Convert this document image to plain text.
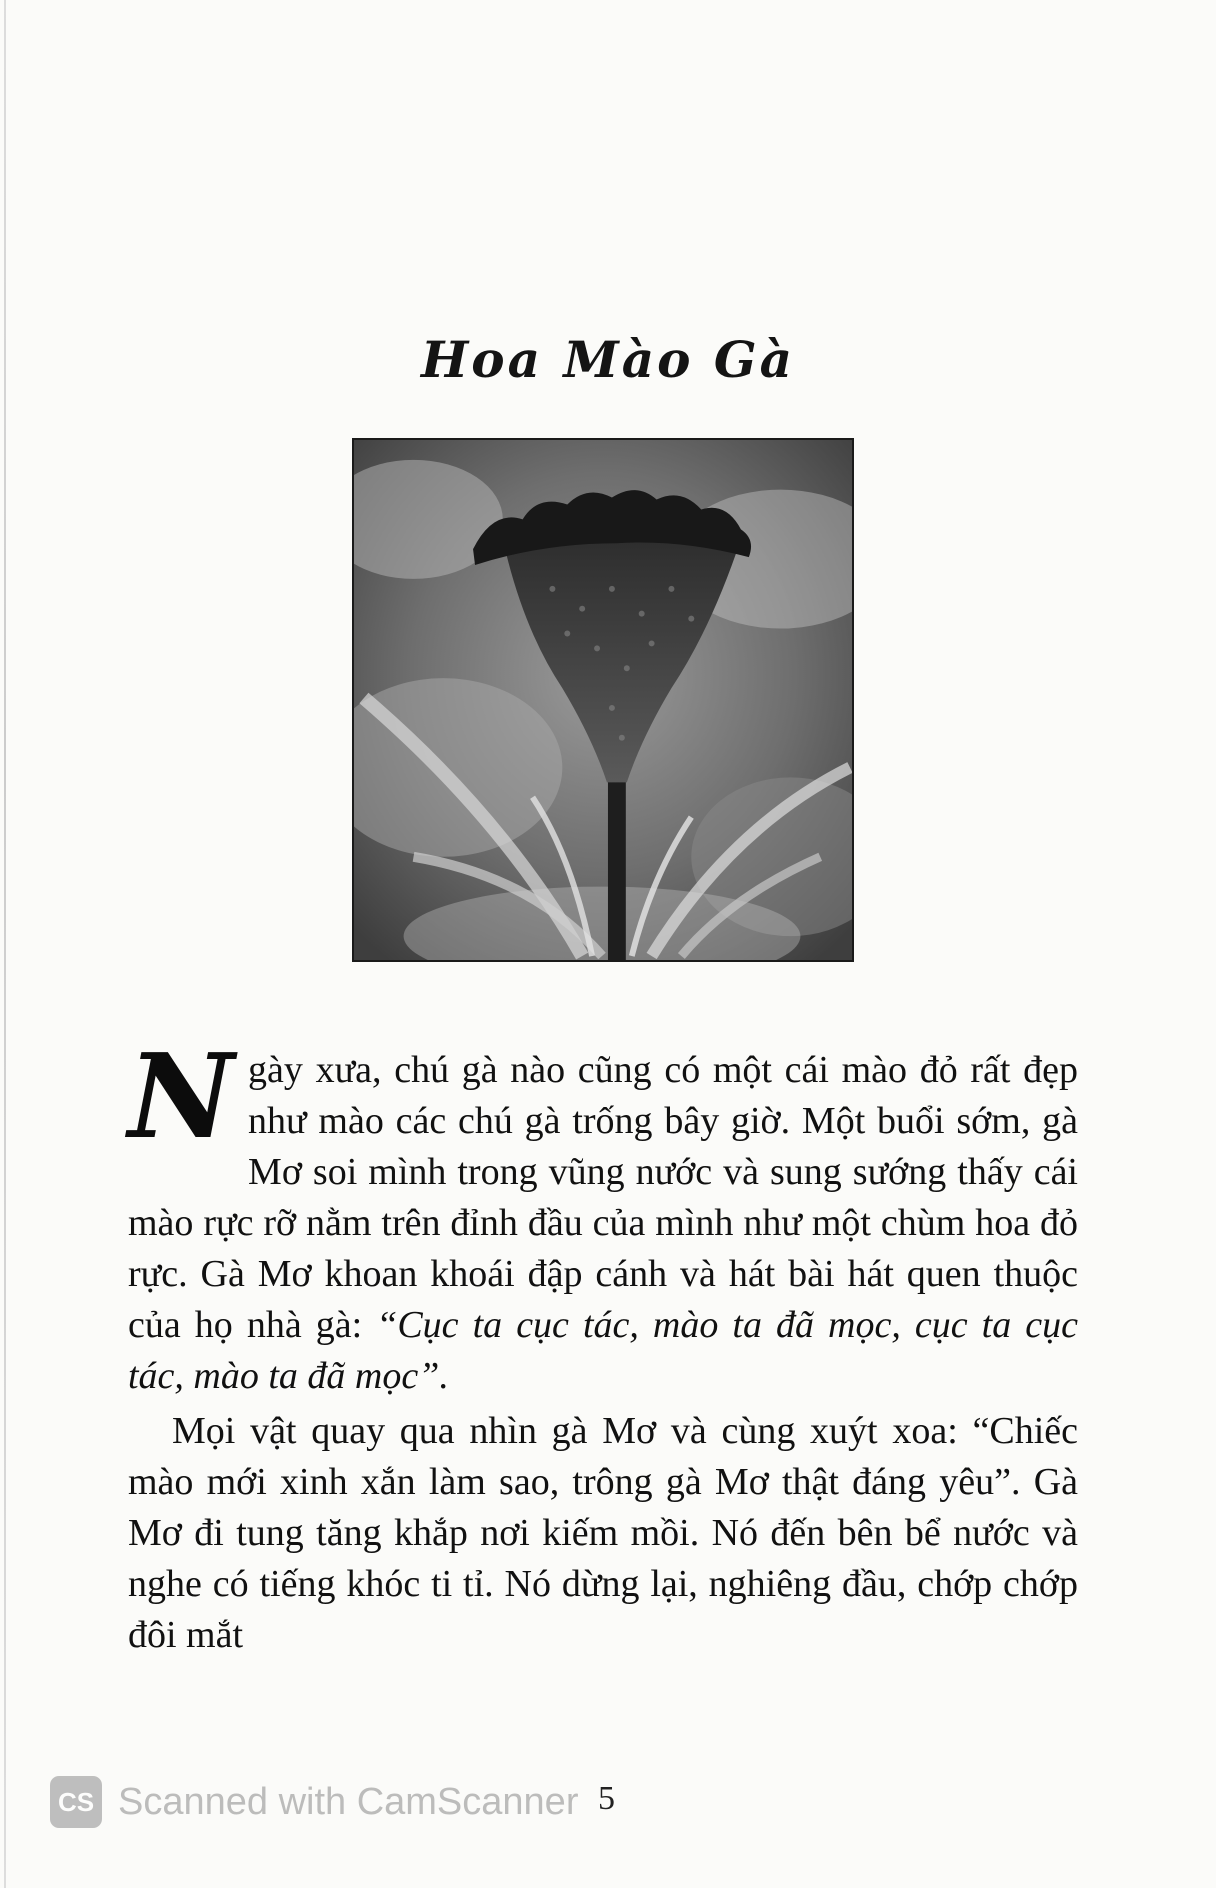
Hoa Mào Gà

Ngày xưa, chú gà nào cũng có một cái mào đỏ rất đẹp như mào các chú gà trống bây giờ. Một buổi sớm, gà Mơ soi mình trong vũng nước và sung sướng thấy cái mào rực rỡ nằm trên đỉnh đầu của mình như một chùm hoa đỏ rực. Gà Mơ khoan khoái đập cánh và hát bài hát quen thuộc của họ nhà gà: “Cục ta cục tác, mào ta đã mọc, cục ta cục tác, mào ta đã mọc”.

Mọi vật quay qua nhìn gà Mơ và cùng xuýt xoa: “Chiếc mào mới xinh xắn làm sao, trông gà Mơ thật đáng yêu”. Gà Mơ đi tung tăng khắp nơi kiếm mồi. Nó đến bên bể nước và nghe có tiếng khóc ti tỉ. Nó dừng lại, nghiêng đầu, chớp chớp đôi mắt

5
CS Scanned with CamScanner
